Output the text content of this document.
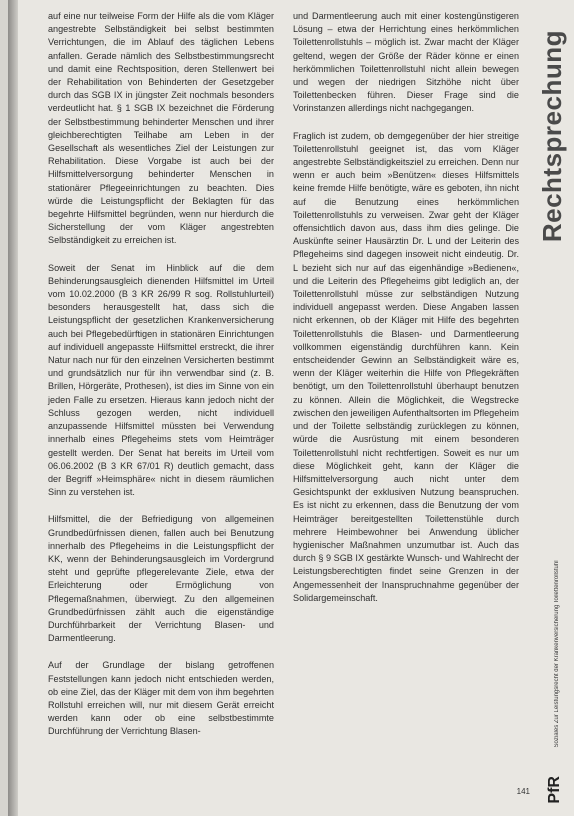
auf eine nur teilweise Form der Hilfe als die vom Kläger angestrebte Selbständigkeit bei selbst bestimmten Verrichtungen, die im Ablauf des täglichen Lebens anfallen. Gerade nämlich des Selbstbestimmungsrecht und damit eine Rechtsposition, deren Stellenwert bei der Rehabilitation von Behinderten der Gesetzgeber durch das SGB IX in jüngster Zeit nochmals besonders verdeutlicht hat. § 1 SGB IX bezeichnet die Förderung der Selbstbestimmung behinderter Menschen und ihrer gleichberechtigten Teilhabe am Leben in der Gesellschaft als wesentliches Ziel der Leistungen zur Rehabilitation. Diese Vorgabe ist auch bei der Hilfsmittelversorgung behinderter Menschen in stationärer Pflegeeinrichtungen zu beachten. Dies würde die Leistungspflicht der Beklagten für das begehrte Hilfsmittel begründen, wenn nur hierdurch die Sicherstellung der vom Kläger angestrebten Selbständigkeit zu erreichen ist.

Soweit der Senat im Hinblick auf die dem Behinderungsausgleich dienenden Hilfsmittel im Urteil vom 10.02.2000 (B 3 KR 26/99 R sog. Rollstuhlurteil) besonders herausgestellt hat, dass sich die Leistungspflicht der gesetzlichen Krankenversicherung auch bei Pflegebedürftigen in stationären Einrichtungen auf individuell angepasste Hilfsmittel erstreckt, die ihrer Natur nach nur für den einzelnen Versicherten bestimmt und grundsätzlich nur für ihn verwendbar sind (z. B. Brillen, Hörgeräte, Prothesen), ist dies im Sinne von ein jeden Falle zu ersetzen. Hieraus kann jedoch nicht der Schluss gezogen werden, nicht individuell anzupassende Hilfsmittel müssten bei Verwendung innerhalb eines Pflegeheims stets vom Heimträger gestellt werden. Der Senat hat bereits im Urteil vom 06.06.2002 (B 3 KR 67/01 R) deutlich gemacht, dass der Begriff »Heimsphäre« nicht in diesem räumlichen Sinn zu verstehen ist.

Hilfsmittel, die der Befriedigung von allgemeinen Grundbedürfnissen dienen, fallen auch bei Benutzung innerhalb des Pflegeheims in die Leistungspflicht der KK, wenn der Behinderungsausgleich im Vordergrund steht und geprüfte pflegerelevante Ziele, etwa der Erleichterung oder Ermöglichung von Pflegemaßnahmen, überwiegt. Zu den allgemeinen Grundbedürfnissen zählt auch die eigenständige Durchführbarkeit der Verrichtung Blasen- und Darmentleerung.

Auf der Grundlage der bislang getroffenen Feststellungen kann jedoch nicht entschieden werden, ob eine Ziel, das der Kläger mit dem von ihm begehrten Rollstuhl erreichen will, nur mit diesem Gerät erreicht werden kann oder ob eine selbstbestimmte Durchführung der Verrichtung Blasen-

und Darmentleerung auch mit einer kostengünstigeren Lösung – etwa der Herrichtung eines herkömmlichen Toilettenrollstuhls – möglich ist. Zwar macht der Kläger geltend, wegen der Größe der Räder könne er einen herkömmlichen Toilettenrollstuhl nicht allein bewegen und wegen der niedrigen Sitzhöhe nicht über Toilettenbecken führen. Dieser Frage sind die Vorinstanzen allerdings nicht nachgegangen.

Fraglich ist zudem, ob demgegenüber der hier streitige Toilettenrollstuhl geeignet ist, das vom Kläger angestrebte Selbständigkeitsziel zu erreichen. Denn nur wenn er auch beim »Benützen« dieses Hilfsmittels keine fremde Hilfe benötigte, wäre es geboten, ihn nicht auf die Benutzung eines herkömmlichen Toilettenrollstuhls zu verweisen. Zwar geht der Kläger offensichtlich davon aus, dass ihm dies gelinge. Die Auskünfte seiner Hausärztin Dr. L und der Leiterin des Pflegeheims sind dagegen insoweit nicht eindeutig. Dr. L bezieht sich nur auf das eigenhändige »Bedienen«, und die Leiterin des Pflegeheims gibt lediglich an, der Toilettenrollstuhl müsse zur selbständigen Nutzung individuell angepasst werden. Diese Angaben lassen nicht erkennen, ob der Kläger mit Hilfe des begehrten Toilettenrollstuhls die Blasen- und Darmentleerung vollkommen eigenständig durchführen kann. Kein entscheidender Gewinn an Selbständigkeit wäre es, wenn der Kläger weiterhin die Hilfe von Pflegekräften benötigt, um den Toilettenrollstuhl überhaupt benutzen zu können. Allein die Möglichkeit, die Wegstrecke zwischen den jeweiligen Aufenthaltsorten im Pflegeheim und der Toilette selbständig zurücklegen zu können, würde die Ausrüstung mit einem besonderen Toilettenrollstuhl nicht rechtfertigen. Soweit es nur um diese Möglichkeit geht, kann der Kläger die Hilfsmittelversorgung auch nicht unter dem Gesichtspunkt der exklusiven Nutzung beanspruchen. Es ist nicht zu erkennen, dass die Benutzung der vom Heimträger bereitgestellten Toilettenstühle durch mehrere Heimbewohner bei Anwendung üblicher hygienischer Maßnahmen unzumutbar ist. Auch das durch § 9 SGB IX gestärkte Wunsch- und Wahlrecht der Leistungsberechtigten findet seine Grenzen in der Angemessenheit der Inanspruchnahme gegenüber der Solidargemeinschaft.

Rechtsprechung
Soziales Zur Leistungsrecht der Krankenversicherung Toilettenrollstuhl
PfR
141
